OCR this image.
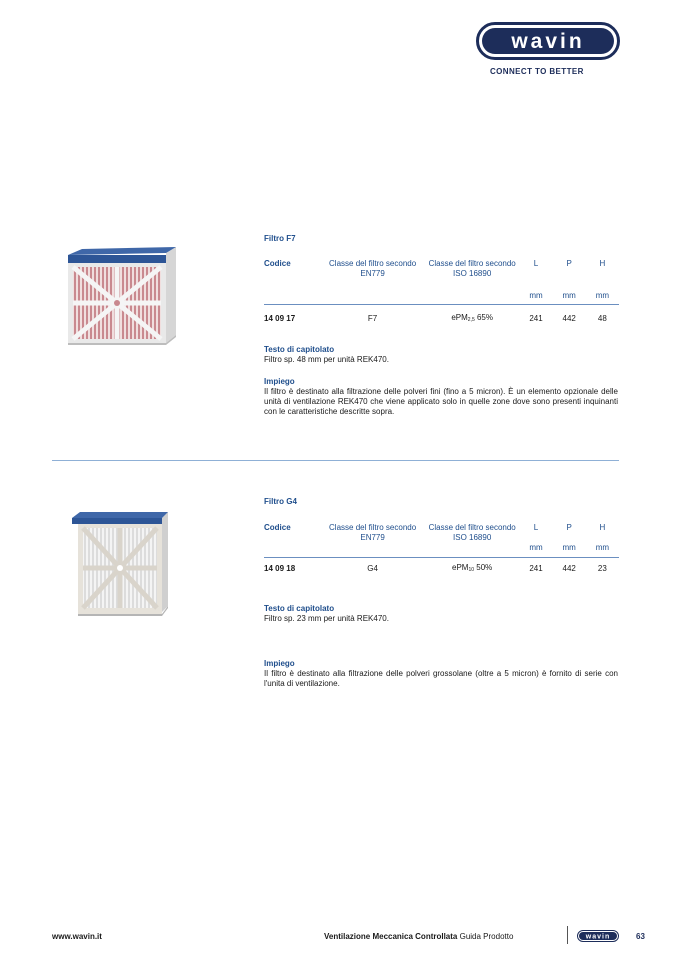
wavin
CONNECT TO BETTER
Filtro F7
Codice	Classe del filtro secondo EN779	Classe del filtro secondo ISO 16890	L	P	H

			mm	mm	mm

14 09 17	F7	ePM$_{2,5}$ 65%	241	442	48
Testo di capitolato
Filtro sp. 48 mm per unità REK470.
Impiego
Il filtro è destinato alla filtrazione delle polveri fini (fino a 5 micron). È un elemento opzionale delle unità di ventilazione REK470 che viene applicato solo in quelle zone dove sono presenti inquinanti con le caratteristiche descritte sopra.
Filtro G4
Codice	Classe del filtro secondo EN779	Classe del filtro secondo ISO 16890	L	P	H
			mm	mm	mm

14 09 18	G4	ePM$_{10}$ 50%	241	442	23
Testo di capitolato
Filtro sp. 23 mm per unità REK470.
Impiego
Il filtro è destinato alla filtrazione delle polveri grossolane (oltre a 5 micron) è fornito di serie con l'unita di ventilazione.
www.wavin.it	Ventilazione Meccanica Controllata Guida Prodotto	wavin	63
